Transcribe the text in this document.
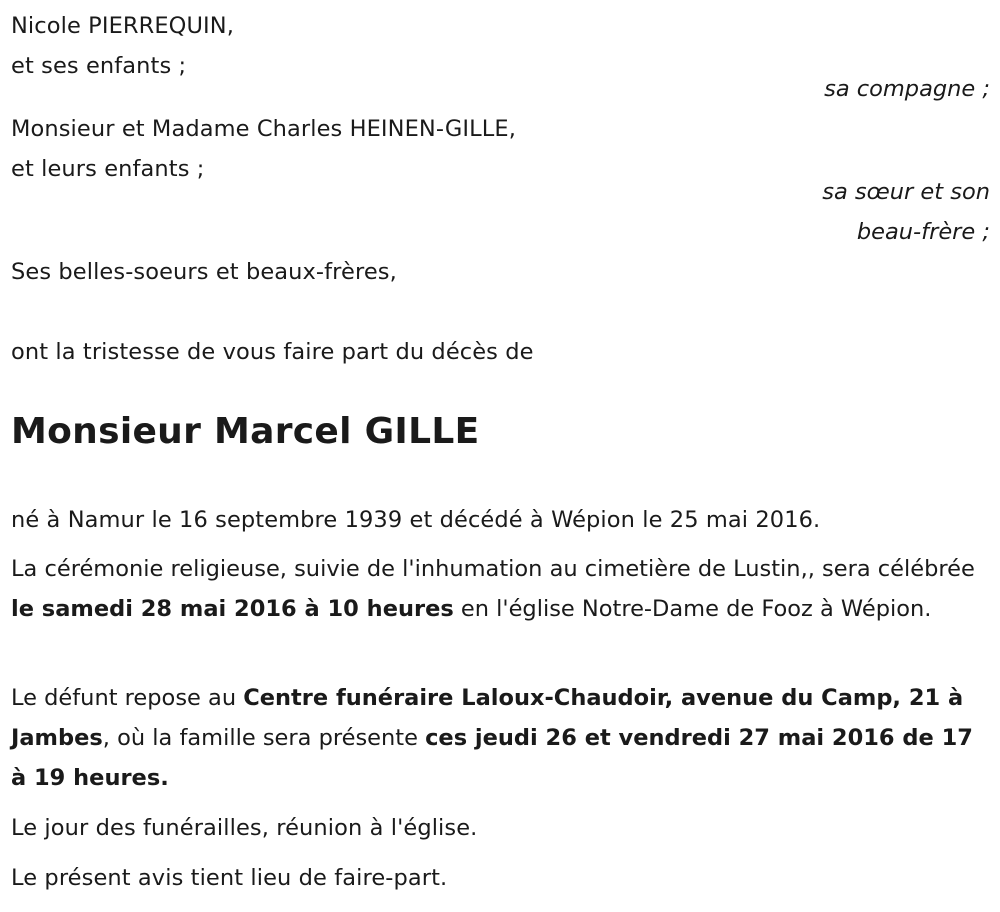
Nicole PIERREQUIN,
et ses enfants ;
sa compagne ;
Monsieur et Madame Charles HEINEN-GILLE,
et leurs enfants ;
sa sœur et son
beau-frère ;
Ses belles-soeurs et beaux-frères,
ont la tristesse de vous faire part du décès de
Monsieur Marcel GILLE
né à Namur le 16 septembre 1939 et décédé à Wépion le 25 mai 2016.
La cérémonie religieuse, suivie de l'inhumation au cimetière de Lustin,, sera célébrée le samedi 28 mai 2016 à 10 heures en l'église Notre-Dame de Fooz à Wépion.
Le défunt repose au Centre funéraire Laloux-Chaudoir, avenue du Camp, 21 à Jambes, où la famille sera présente ces jeudi 26 et vendredi 27 mai 2016 de 17 à 19 heures.
Le jour des funérailles, réunion à l'église.
Le présent avis tient lieu de faire-part.
